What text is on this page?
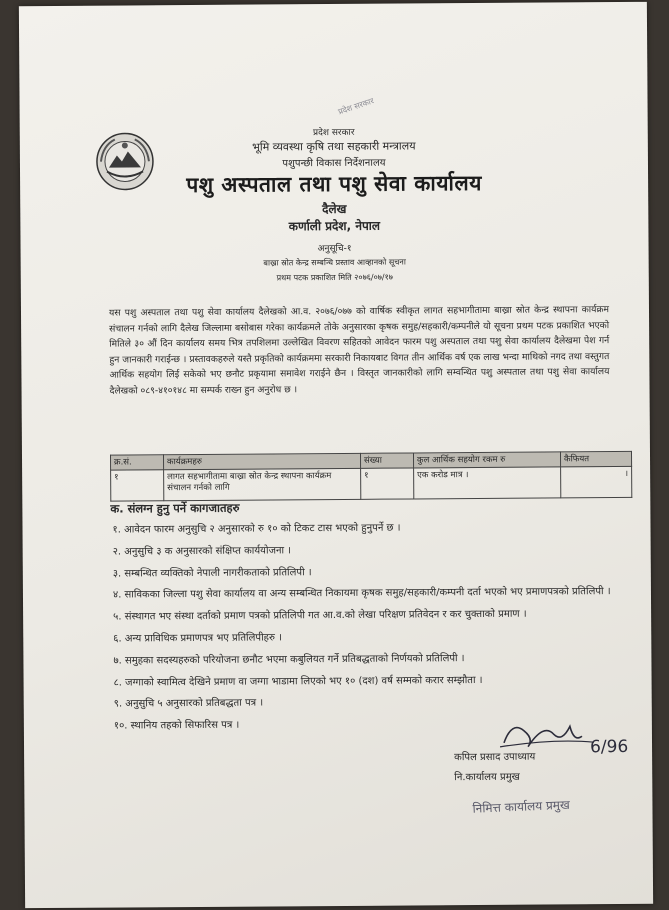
प्रदेश सरकार
प्रदेश सरकार
भूमि व्यवस्था कृषि तथा सहकारी मन्त्रालय
पशुपन्छी विकास निर्देशनालय
पशु अस्पताल तथा पशु सेवा कार्यालय
दैलेख
कर्णाली प्रदेश, नेपाल
अनुसूचि-१
बाख्रा स्रोत केन्द्र सम्बन्धि प्रस्ताव आव्हानको सूचना
प्रथम पटक प्रकाशित मिति २०७६/०७/१७
यस पशु अस्पताल तथा पशु सेवा कार्यालय दैलेखको आ.व. २०७६/०७७ को वार्षिक स्वीकृत लागत सहभागीतामा बाख्रा स्रोत केन्द्र स्थापना कार्यक्रम संचालन गर्नको लागि दैलेख जिल्लामा बसोबास गरेका कार्यक्रमले तोके अनुसारका कृषक समुह/सहकारी/कम्पनीले यो सूचना प्रथम पटक प्रकाशित भएको मितिले ३० औं दिन कार्यालय समय भित्र तपशिलमा उल्लेखित विवरण सहितको आवेदन फारम पशु अस्पताल तथा पशु सेवा कार्यालय दैलेखमा पेश गर्न हुन जानकारी गराईन्छ । प्रस्तावकहरुले यस्तै प्रकृतिको कार्यक्रममा सरकारी निकायबाट विगत तीन आर्थिक वर्ष एक लाख भन्दा माथिको नगद तथा वस्तुगत आर्थिक सहयोग लिई सकेको भए छनौट प्रकृयामा समावेश गराईने छैन । विस्तृत जानकारीको लागि सम्वन्धित पशु अस्पताल तथा पशु सेवा कार्यालय दैलेखको ०८९-४१०१४८ मा सम्पर्क राख्न हुन अनुरोध छ ।
क्र.सं.	कार्यक्रमहरु	संख्या	कुल आर्थिक सहयोग रकम रु	कैफियत
१	लागत सहभागीतामा बाख्रा स्रोत केन्द्र स्थापना कार्यक्रम संचालन गर्नको लागि	१	एक करोड मात्र ।	।
क. संलग्न हुनु पर्ने कागजातहरु
१. आवेदन फारम अनुसुचि २ अनुसारको रु १० को टिकट टास भएको हुनुपर्ने छ ।
२. अनुसुचि ३ क अनुसारको संक्षिप्त कार्ययोजना ।
३. सम्बन्धित व्यक्तिको नेपाली नागरीकताको प्रतिलिपी ।
४. साविकका जिल्ला पशु सेवा कार्यालय वा अन्य सम्बन्धित निकायमा कृषक समुह/सहकारी/कम्पनी दर्ता भएको भए प्रमाणपत्रको प्रतिलिपी ।
५. संस्थागत भए संस्था दर्ताको प्रमाण पत्रको प्रतिलिपी गत आ.व.को लेखा परिक्षण प्रतिवेदन र कर चुक्ताको प्रमाण ।
६. अन्य प्राविधिक प्रमाणपत्र भए प्रतिलिपीहरु ।
७. समुहका सदस्यहरुको परियोजना छनौट भएमा कबुलियत गर्ने प्रतिबद्धताको निर्णयको प्रतिलिपी ।
८. जग्गाको स्वामित्व देखिने प्रमाण वा जग्गा भाडामा लिएको भए १० (दश) वर्ष सम्मको करार सम्झौता ।
९. अनुसुचि ५ अनुसारको प्रतिबद्धता पत्र ।
१०. स्थानिय तहको सिफारिस पत्र ।
6/96
कपिल प्रसाद उपाध्याय
नि.कार्यालय प्रमुख
निमित्त कार्यालय प्रमुख
